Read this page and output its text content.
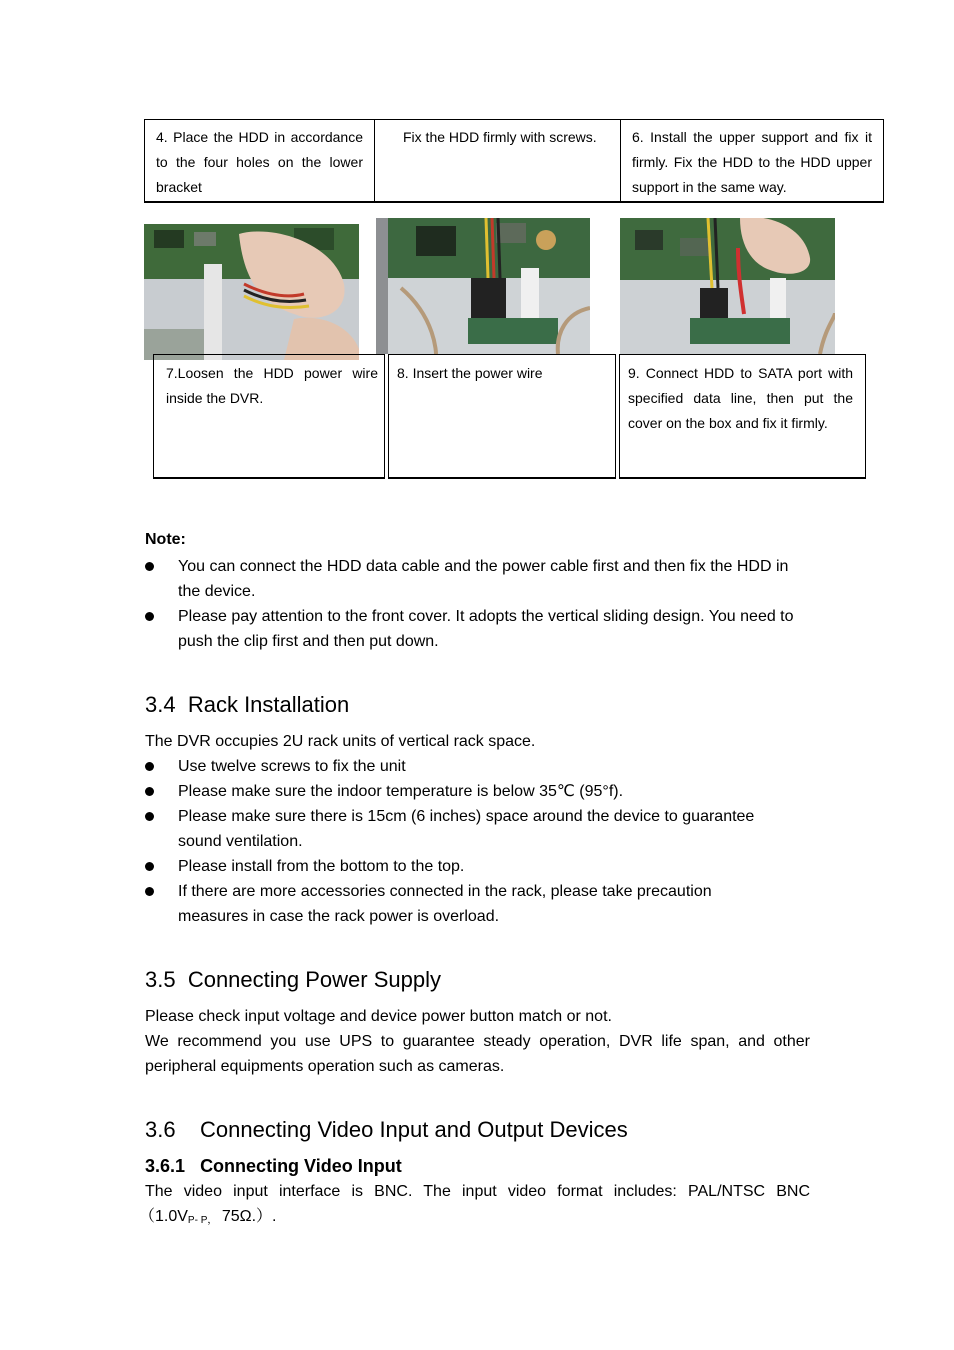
4. Place the HDD in accordance to the four holes on the lower bracket
Fix the HDD firmly with screws.	6. Install the upper support and fix it firmly. Fix the HDD to the HDD upper support in the same way.
7.Loosen the HDD power wire inside the DVR.
8. Insert the power wire	9. Connect HDD to SATA port with specified data line, then put the cover on the box and fix it firmly.
Note:
You can connect the HDD data cable and the power cable first and then fix the HDD in the device.
Please pay attention to the front cover. It adopts the vertical sliding design. You need to push the clip first and then put down.
3.4 Rack Installation
The DVR occupies 2U rack units of vertical rack space.
Use twelve screws to fix the unit
Please make sure the indoor temperature is below 35℃ (95°f).
Please make sure there is 15cm (6 inches) space around the device to guarantee sound ventilation.
Please install from the bottom to the top.
If there are more accessories connected in the rack, please take precaution measures in case the rack power is overload.
3.5 Connecting Power Supply
Please check input voltage and device power button match or not.
We recommend you use UPS to guarantee steady operation, DVR life span, and other peripheral equipments operation such as cameras.
3.6 Connecting Video Input and Output Devices
3.6.1 Connecting Video Input
The video input interface is BNC. The input video format includes: PAL/NTSC BNC
（$1.0V_{P- P,}$ 75Ω.）.
